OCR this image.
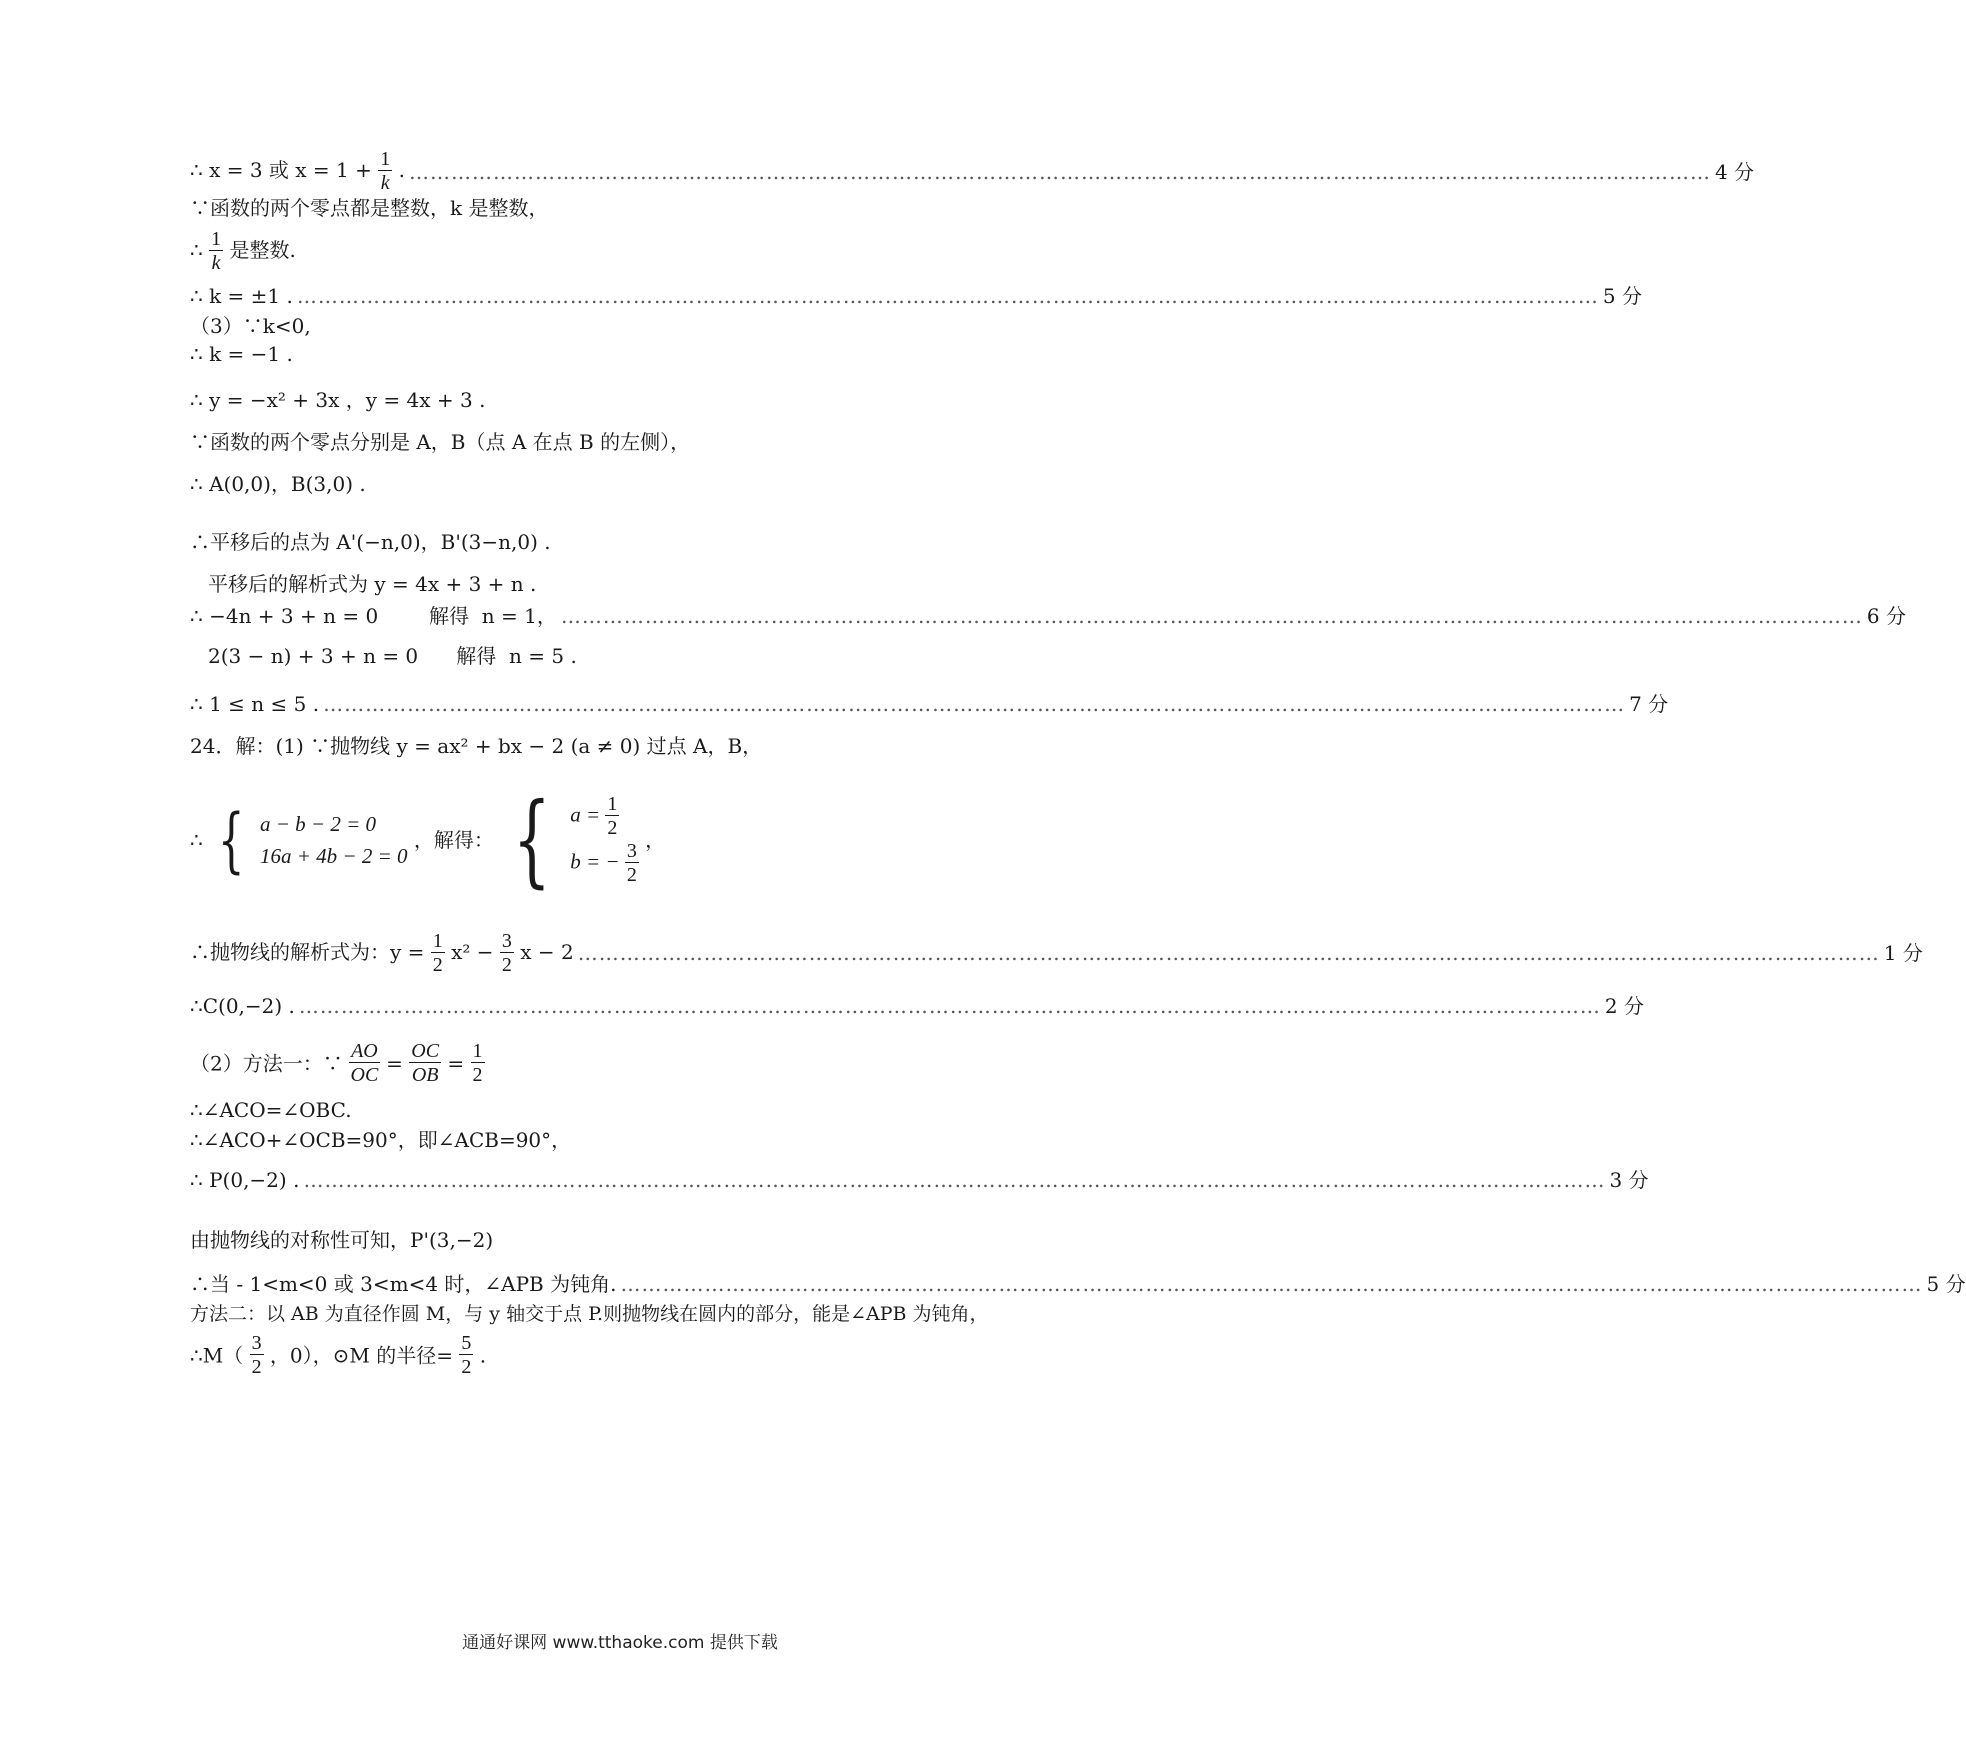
∴ x = 3 或 $x = 1 + \frac{1}{k}$ . …………………………………………………………………………………………………………………………………………………………………… 4 分
∵函数的两个零点都是整数，k 是整数，
∴ $\frac{1}{k}$ 是整数.
∴ k = ±1 . …………………………………………………………………………………………………………………………………………………………………… 5 分
（3）∵k<0,
∴ k = −1 .
∴ y = −x² + 3x ，y = 4x + 3 .
∵函数的两个零点分别是 A，B（点 A 在点 B 的左侧），
∴ A(0,0)，B(3,0) .
∴平移后的点为 A'(−n,0)，B'(3−n,0) .
平移后的解析式为 y = 4x + 3 + n .
∴ −4n + 3 + n = 0        解得  n = 1， …………………………………………………………………………………………………………………………………………………………………… 6 分
2(3 − n) + 3 + n = 0      解得  n = 5 .
∴ 1 ≤ n ≤ 5 . …………………………………………………………………………………………………………………………………………………………………… 7 分
24．解：(1) ∵抛物线 y = ax² + bx − 2 (a ≠ 0) 过点 A，B，
∴ { a − b − 2 = 0
16a + 4b − 2 = 0
，解得： { $a = \frac{1}{2}$
b = − $\frac{3}{2}$ ，
∴抛物线的解析式为：$y = \frac{1}{2} x^2 - \frac{3}{2}$ x − 2 …………………………………………………………………………………………………………………………………………………………………… 1 分
∴C(0,−2) . …………………………………………………………………………………………………………………………………………………………………… 2 分
（2）方法一：∵ $\frac{AO}{OC} = \frac{OC}{OB} = \frac{1}{2}$
∴∠ACO=∠OBC.
∴∠ACO+∠OCB=90°，即∠ACB=90°，
∴ P(0,−2) . …………………………………………………………………………………………………………………………………………………………………… 3 分
由抛物线的对称性可知，P'(3,−2)
∴当 - 1<m<0 或 3<m<4 时，∠APB 为钝角. …………………………………………………………………………………………………………………………………………………………………… 5 分
方法二：以 AB 为直径作圆 M，与 y 轴交于点 P.则抛物线在圆内的部分，能是∠APB 为钝角，
∴M（ $\frac{3}{2}$ ，0），⊙M 的半径= $\frac{5}{2}$ .
通通好课网 www.tthaoke.com 提供下载
